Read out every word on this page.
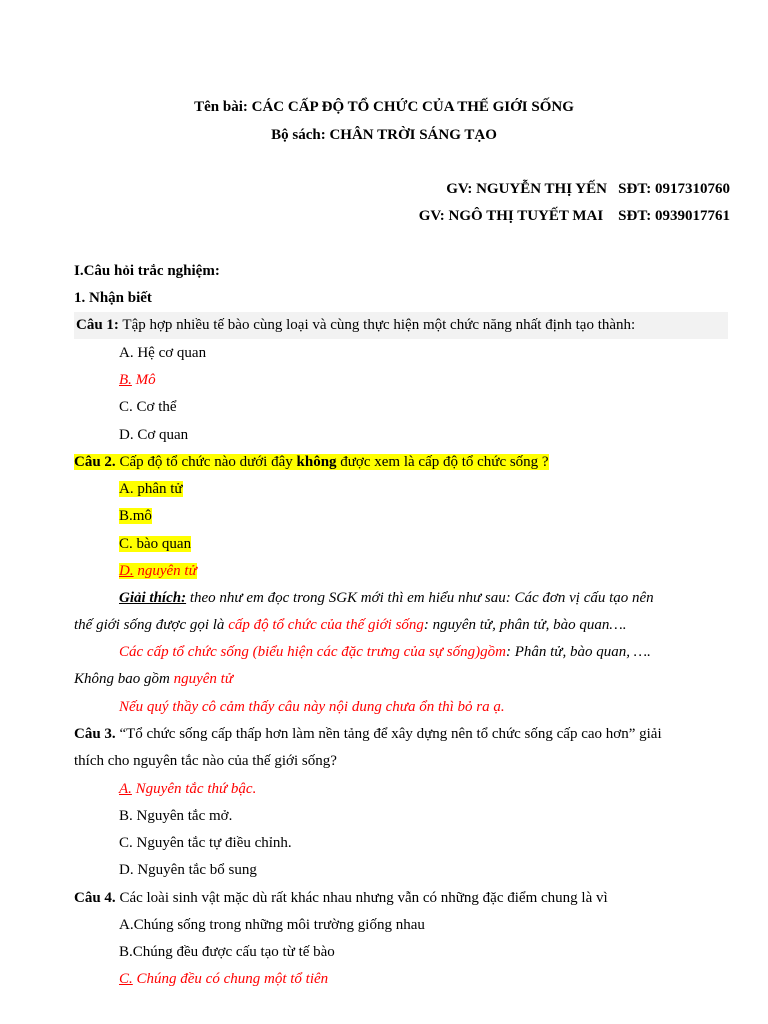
Tên bài: CÁC CẤP ĐỘ TỔ CHỨC CỦA THẾ GIỚI SỐNG
Bộ sách: CHÂN TRỜI SÁNG TẠO
GV: NGUYỄN THỊ YẾN   SĐT: 0917310760
GV: NGÔ THỊ TUYẾT MAI    SĐT: 0939017761
I.Câu hỏi trắc nghiệm:
1. Nhận biết
Câu 1: Tập hợp nhiều tế bào cùng loại và cùng thực hiện một chức năng nhất định tạo thành:
A. Hệ cơ quan
B. Mô
C. Cơ thể
D. Cơ quan
Câu 2. Cấp độ tổ chức nào dưới đây không được xem là cấp độ tổ chức sống ?
A. phân tử
B.mô
C. bào quan
D. nguyên tử
Giải thích: theo như em đọc trong SGK mới thì em hiểu như sau: Các đơn vị cấu tạo nên
thế giới sống được gọi là cấp độ tổ chức của thế giới sống: nguyên tử, phân tử, bào quan….
Các cấp tổ chức sống (biểu hiện các đặc trưng của sự sống)gồm: Phân tử, bào quan, ….
Không bao gồm nguyên tử
Nếu quý thầy cô cảm thấy câu này nội dung chưa ổn thì bỏ ra ạ.
Câu 3. “Tổ chức sống cấp thấp hơn làm nền tảng để xây dựng nên tổ chức sống cấp cao hơn” giải
thích cho nguyên tắc nào của thế giới sống?
A. Nguyên tắc thứ bậc.
B. Nguyên tắc mở.
C. Nguyên tắc tự điều chỉnh.
D. Nguyên tắc bổ sung
Câu 4. Các loài sinh vật mặc dù rất khác nhau nhưng vẫn có những đặc điểm chung là vì
A.Chúng sống trong những môi trường giống nhau
B.Chúng đều được cấu tạo từ tế bào
C. Chúng đều có chung một tổ tiên
